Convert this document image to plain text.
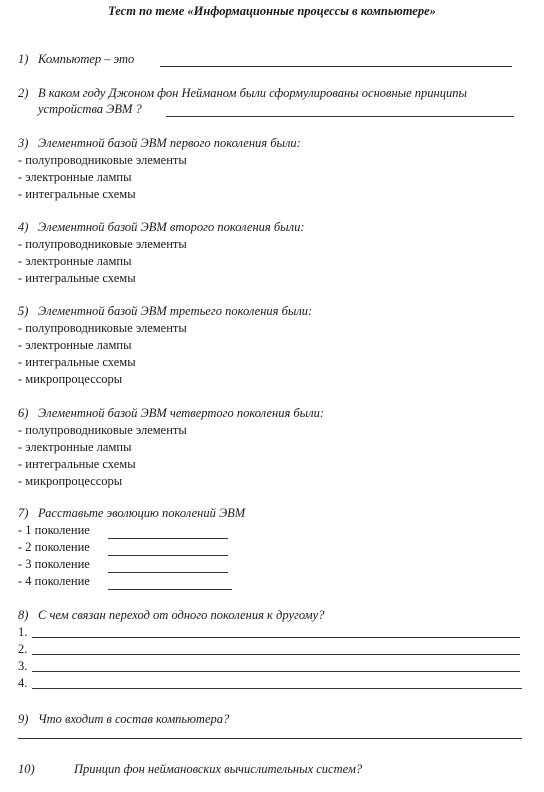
Тест по теме «Информационные процессы в компьютере»
1) Компьютер – это
2) В каком году Джоном фон Нейманом были сформулированы основные принципы
устройства ЭВМ ?
3) Элементной базой ЭВМ первого поколения были:
- полупроводниковые элементы
- электронные лампы
- интегральные схемы
4) Элементной базой ЭВМ второго поколения были:
- полупроводниковые элементы
- электронные лампы
- интегральные схемы
5) Элементной базой ЭВМ третьего поколения были:
- полупроводниковые элементы
- электронные лампы
- интегральные схемы
- микропроцессоры
6) Элементной базой ЭВМ четвертого поколения были:
- полупроводниковые элементы
- электронные лампы
- интегральные схемы
- микропроцессоры
7) Расставьте эволюцию поколений ЭВМ
- 1 поколение
- 2 поколение
- 3 поколение
- 4 поколение
8) С чем связан переход от одного поколения к другому?
1.
2.
3.
4.
9) Что входит в состав компьютера?
10)	Принцип фон неймановских вычислительных систем?
